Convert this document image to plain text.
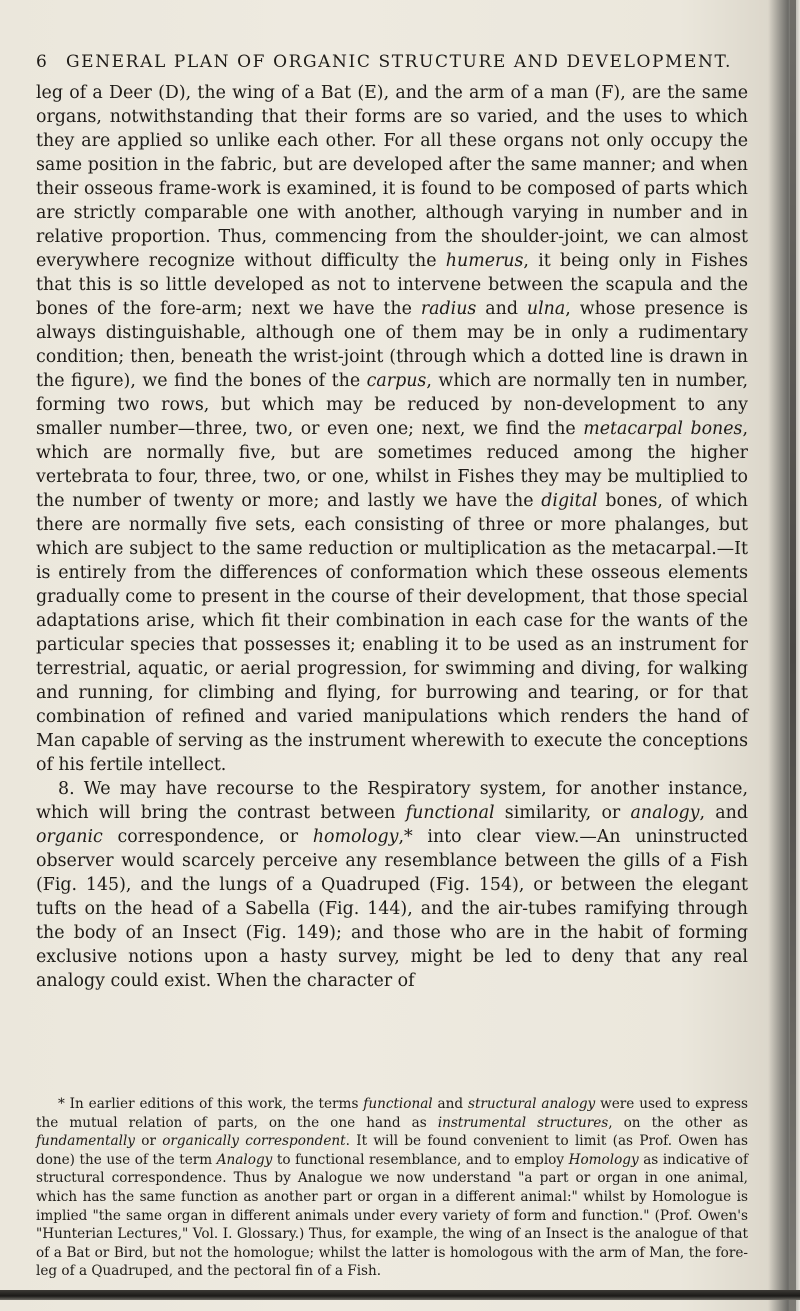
6 GENERAL PLAN OF ORGANIC STRUCTURE AND DEVELOPMENT.

leg of a Deer (D), the wing of a Bat (E), and the arm of a man (F), are the same organs, notwithstanding that their forms are so varied, and the uses to which they are applied so unlike each other. For all these organs not only occupy the same position in the fabric, but are developed after the same manner; and when their osseous frame-work is examined, it is found to be composed of parts which are strictly comparable one with another, although varying in number and in relative proportion. Thus, commencing from the shoulder-joint, we can almost everywhere recognize without difficulty the humerus, it being only in Fishes that this is so little developed as not to intervene between the scapula and the bones of the fore-arm; next we have the radius and ulna, whose presence is always distinguishable, although one of them may be in only a rudimentary condition; then, beneath the wrist-joint (through which a dotted line is drawn in the figure), we find the bones of the carpus, which are normally ten in number, forming two rows, but which may be reduced by non-development to any smaller number—three, two, or even one; next, we find the metacarpal bones, which are normally five, but are sometimes reduced among the higher vertebrata to four, three, two, or one, whilst in Fishes they may be multiplied to the number of twenty or more; and lastly we have the digital bones, of which there are normally five sets, each consisting of three or more phalanges, but which are subject to the same reduction or multiplication as the metacarpal.—It is entirely from the differences of conformation which these osseous elements gradually come to present in the course of their development, that those special adaptations arise, which fit their combination in each case for the wants of the particular species that possesses it; enabling it to be used as an instrument for terrestrial, aquatic, or aerial progression, for swimming and diving, for walking and running, for climbing and flying, for burrowing and tearing, or for that combination of refined and varied manipulations which renders the hand of Man capable of serving as the instrument wherewith to execute the conceptions of his fertile intellect.

8. We may have recourse to the Respiratory system, for another instance, which will bring the contrast between functional similarity, or analogy, and organic correspondence, or homology,* into clear view.—An uninstructed observer would scarcely perceive any resemblance between the gills of a Fish (Fig. 145), and the lungs of a Quadruped (Fig. 154), or between the elegant tufts on the head of a Sabella (Fig. 144), and the air-tubes ramifying through the body of an Insect (Fig. 149); and those who are in the habit of forming exclusive notions upon a hasty survey, might be led to deny that any real analogy could exist. When the character of

* In earlier editions of this work, the terms functional and structural analogy were used to express the mutual relation of parts, on the one hand as instrumental structures, on the other as fundamentally or organically correspondent. It will be found convenient to limit (as Prof. Owen has done) the use of the term Analogy to functional resemblance, and to employ Homology as indicative of structural correspondence. Thus by Analogue we now understand "a part or organ in one animal, which has the same function as another part or organ in a different animal:" whilst by Homologue is implied "the same organ in different animals under every variety of form and function." (Prof. Owen's "Hunterian Lectures," Vol. I. Glossary.) Thus, for example, the wing of an Insect is the analogue of that of a Bat or Bird, but not the homologue; whilst the latter is homologous with the arm of Man, the fore-leg of a Quadruped, and the pectoral fin of a Fish.
